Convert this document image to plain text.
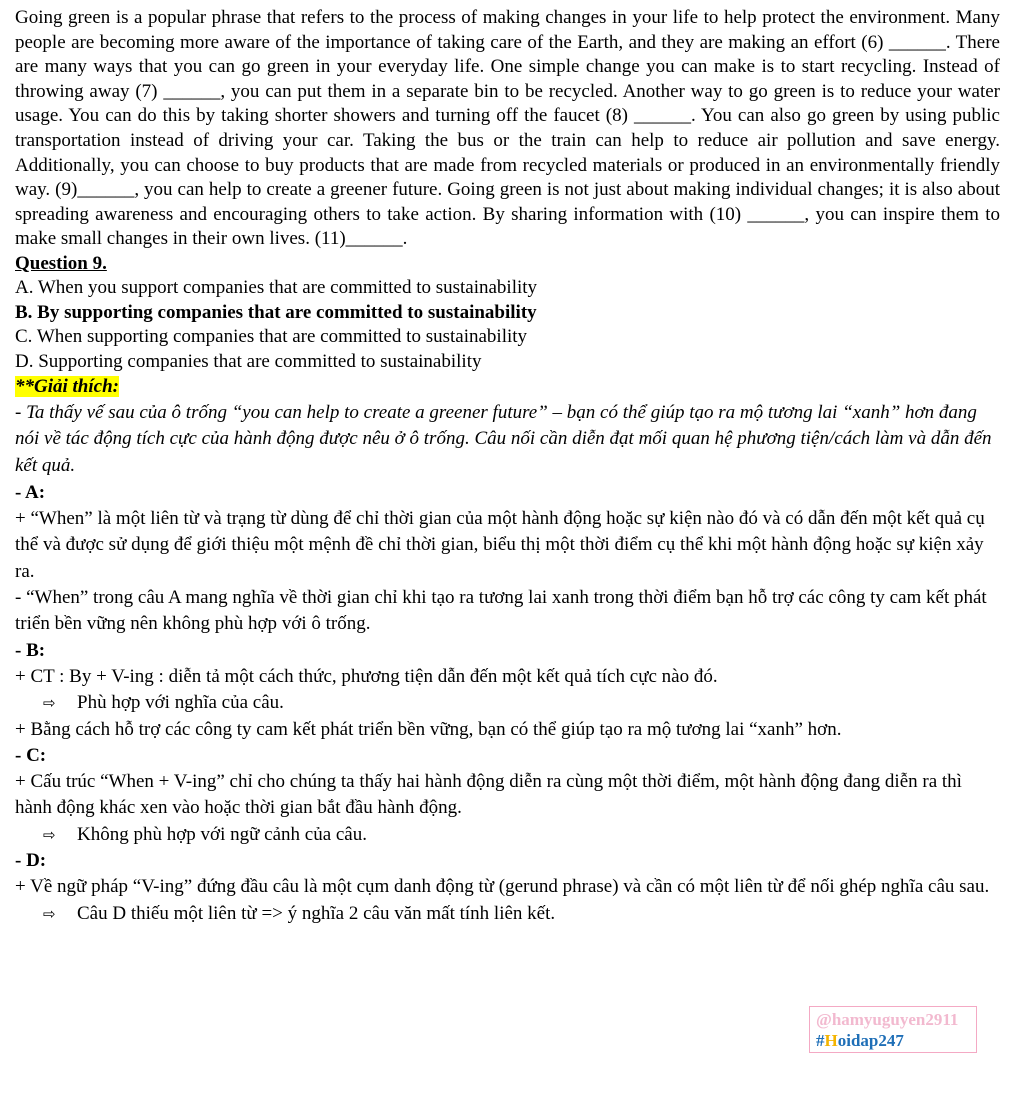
Going green is a popular phrase that refers to the process of making changes in your life to help protect the environment. Many people are becoming more aware of the importance of taking care of the Earth, and they are making an effort (6) ______. There are many ways that you can go green in your everyday life. One simple change you can make is to start recycling. Instead of throwing away (7) ______, you can put them in a separate bin to be recycled. Another way to go green is to reduce your water usage. You can do this by taking shorter showers and turning off the faucet (8) ______. You can also go green by using public transportation instead of driving your car. Taking the bus or the train can help to reduce air pollution and save energy. Additionally, you can choose to buy products that are made from recycled materials or produced in an environmentally friendly way. (9)______, you can help to create a greener future. Going green is not just about making individual changes; it is also about spreading awareness and encouraging others to take action. By sharing information with (10) ______, you can inspire them to make small changes in their own lives. (11)______.

Question 9.

A. When you support companies that are committed to sustainability

B. By supporting companies that are committed to sustainability

C. When supporting companies that are committed to sustainability

D. Supporting companies that are committed to sustainability

**Giải thích:

- Ta thấy vế sau của ô trống “you can help to create a greener future” – bạn có thể giúp tạo ra mộ tương lai “xanh” hơn đang nói về tác động tích cực của hành động được nêu ở ô trống. Câu nối cần diễn đạt mối quan hệ phương tiện/cách làm và dẫn đến kết quả.

- A:

+ “When” là một liên từ và trạng từ dùng để chỉ thời gian của một hành động hoặc sự kiện nào đó và có dẫn đến một kết quả cụ thể và được sử dụng để giới thiệu một mệnh đề chỉ thời gian, biểu thị một thời điểm cụ thể khi một hành động hoặc sự kiện xảy ra.

- “When” trong câu A mang nghĩa về thời gian chỉ khi tạo ra tương lai xanh trong thời điểm bạn hỗ trợ các công ty cam kết phát triển bền vững nên không phù hợp với ô trống.

- B:

+ CT : By + V-ing : diễn tả một cách thức, phương tiện dẫn đến một kết quả tích cực nào đó.

⇨ Phù hợp với nghĩa của câu.

+ Bằng cách hỗ trợ các công ty cam kết phát triển bền vững, bạn có thể giúp tạo ra mộ tương lai “xanh” hơn.

- C:

+ Cấu trúc “When + V-ing” chỉ cho chúng ta thấy hai hành động diễn ra cùng một thời điểm, một hành động đang diễn ra thì hành động khác xen vào hoặc thời gian bắt đầu hành động.

⇨ Không phù hợp với ngữ cảnh của câu.

- D:

+ Về ngữ pháp “V-ing” đứng đầu câu là một cụm danh động từ (gerund phrase) và cần có một liên từ để nối ghép nghĩa câu sau.

⇨ Câu D thiếu một liên từ => ý nghĩa 2 câu văn mất tính liên kết.

@hamyuguyen2911
#Hoidap247
